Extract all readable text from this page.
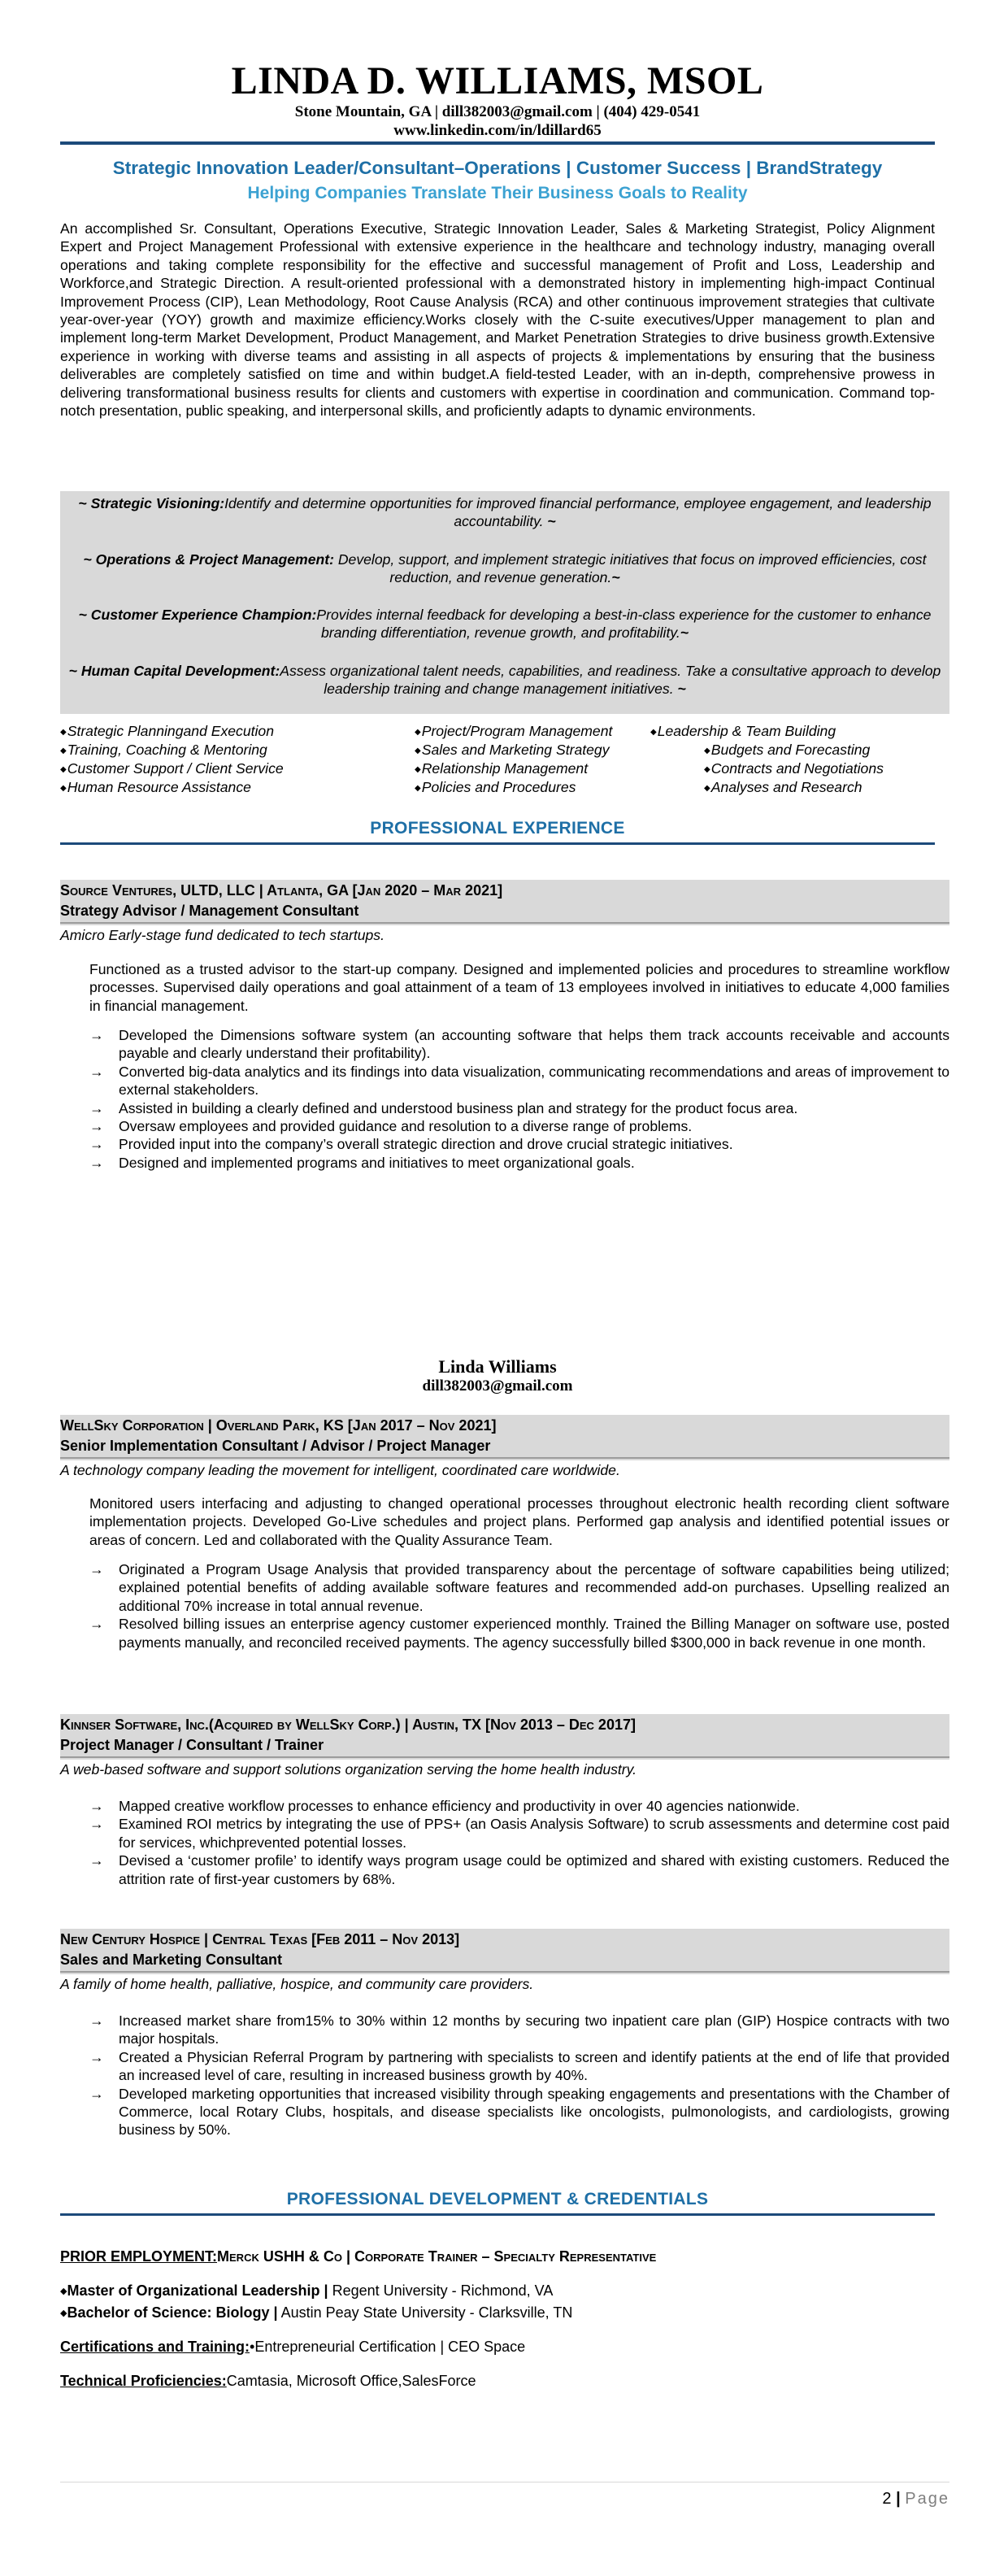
LINDA D. WILLIAMS, MSOL
Stone Mountain, GA | dill382003@gmail.com | (404) 429-0541
www.linkedin.com/in/ldillard65
Strategic Innovation Leader/Consultant–Operations | Customer Success | BrandStrategy
Helping Companies Translate Their Business Goals to Reality
An accomplished Sr. Consultant, Operations Executive, Strategic Innovation Leader, Sales & Marketing Strategist, Policy Alignment Expert and Project Management Professional with extensive experience in the healthcare and technology industry, managing overall operations and taking complete responsibility for the effective and successful management of Profit and Loss, Leadership and Workforce,and Strategic Direction. A result-oriented professional with a demonstrated history in implementing high-impact Continual Improvement Process (CIP), Lean Methodology, Root Cause Analysis (RCA) and other continuous improvement strategies that cultivate year-over-year (YOY) growth and maximize efficiency.Works closely with the C-suite executives/Upper management to plan and implement long-term Market Development, Product Management, and Market Penetration Strategies to drive business growth.Extensive experience in working with diverse teams and assisting in all aspects of projects & implementations by ensuring that the business deliverables are completely satisfied on time and within budget.A field-tested Leader, with an in-depth, comprehensive prowess in delivering transformational business results for clients and customers with expertise in coordination and communication. Command top-notch presentation, public speaking, and interpersonal skills, and proficiently adapts to dynamic environments.
~ Strategic Visioning:Identify and determine opportunities for improved financial performance, employee engagement, and leadership accountability. ~
~ Operations & Project Management: Develop, support, and implement strategic initiatives that focus on improved efficiencies, cost reduction, and revenue generation.~
~ Customer Experience Champion:Provides internal feedback for developing a best-in-class experience for the customer to enhance branding differentiation, revenue growth, and profitability.~
~ Human Capital Development:Assess organizational talent needs, capabilities, and readiness. Take a consultative approach to develop leadership training and change management initiatives. ~
◆ Strategic Planningand Execution
◆ Training, Coaching & Mentoring
◆ Customer Support / Client Service
◆ Human Resource Assistance
◆ Project/Program Management
◆ Sales and Marketing Strategy
◆ Relationship Management
◆ Policies and Procedures
◆ Leadership & Team Building
◆ Budgets and Forecasting
◆ Contracts and Negotiations
◆ Analyses and Research
PROFESSIONAL EXPERIENCE
Source Ventures, ULTD, LLC | Atlanta, GA [Jan 2020 – Mar 2021]
Strategy Advisor / Management Consultant
Amicro Early-stage fund dedicated to tech startups.
Functioned as a trusted advisor to the start-up company. Designed and implemented policies and procedures to streamline workflow processes. Supervised daily operations and goal attainment of a team of 13 employees involved in initiatives to educate 4,000 families in financial management.
→ Developed the Dimensions software system (an accounting software that helps them track accounts receivable and accounts payable and clearly understand their profitability).
→ Converted big-data analytics and its findings into data visualization, communicating recommendations and areas of improvement to external stakeholders.
→ Assisted in building a clearly defined and understood business plan and strategy for the product focus area.
→ Oversaw employees and provided guidance and resolution to a diverse range of problems.
→ Provided input into the company’s overall strategic direction and drove crucial strategic initiatives.
→ Designed and implemented programs and initiatives to meet organizational goals.
Linda Williams
dill382003@gmail.com
WellSky Corporation | Overland Park, KS [Jan 2017 – Nov 2021]
Senior Implementation Consultant / Advisor / Project Manager
A technology company leading the movement for intelligent, coordinated care worldwide.
Monitored users interfacing and adjusting to changed operational processes throughout electronic health recording client software implementation projects. Developed Go-Live schedules and project plans. Performed gap analysis and identified potential issues or areas of concern. Led and collaborated with the Quality Assurance Team.
→ Originated a Program Usage Analysis that provided transparency about the percentage of software capabilities being utilized; explained potential benefits of adding available software features and recommended add-on purchases. Upselling realized an additional 70% increase in total annual revenue.
→ Resolved billing issues an enterprise agency customer experienced monthly. Trained the Billing Manager on software use, posted payments manually, and reconciled received payments. The agency successfully billed $300,000 in back revenue in one month.
Kinnser Software, Inc.(Acquired by WellSky Corp.) | Austin, TX [Nov 2013 – Dec 2017]
Project Manager / Consultant / Trainer
A web-based software and support solutions organization serving the home health industry.
→ Mapped creative workflow processes to enhance efficiency and productivity in over 40 agencies nationwide.
→ Examined ROI metrics by integrating the use of PPS+ (an Oasis Analysis Software) to scrub assessments and determine cost paid for services, whichprevented potential losses.
→ Devised a ‘customer profile’ to identify ways program usage could be optimized and shared with existing customers. Reduced the attrition rate of first-year customers by 68%.
New Century Hospice | Central Texas [Feb 2011 – Nov 2013]
Sales and Marketing Consultant
A family of home health, palliative, hospice, and community care providers.
→ Increased market share from15% to 30% within 12 months by securing two inpatient care plan (GIP) Hospice contracts with two major hospitals.
→ Created a Physician Referral Program by partnering with specialists to screen and identify patients at the end of life that provided an increased level of care, resulting in increased business growth by 40%.
→ Developed marketing opportunities that increased visibility through speaking engagements and presentations with the Chamber of Commerce, local Rotary Clubs, hospitals, and disease specialists like oncologists, pulmonologists, and cardiologists, growing business by 50%.
PROFESSIONAL DEVELOPMENT & CREDENTIALS
PRIOR EMPLOYMENT:Merck USHH & Co | Corporate Trainer – Specialty Representative
◆Master of Organizational Leadership | Regent University - Richmond, VA
◆Bachelor of Science: Biology | Austin Peay State University - Clarksville, TN
Certifications and Training:•Entrepreneurial Certification | CEO Space
Technical Proficiencies:Camtasia, Microsoft Office,SalesForce
2 | Page
